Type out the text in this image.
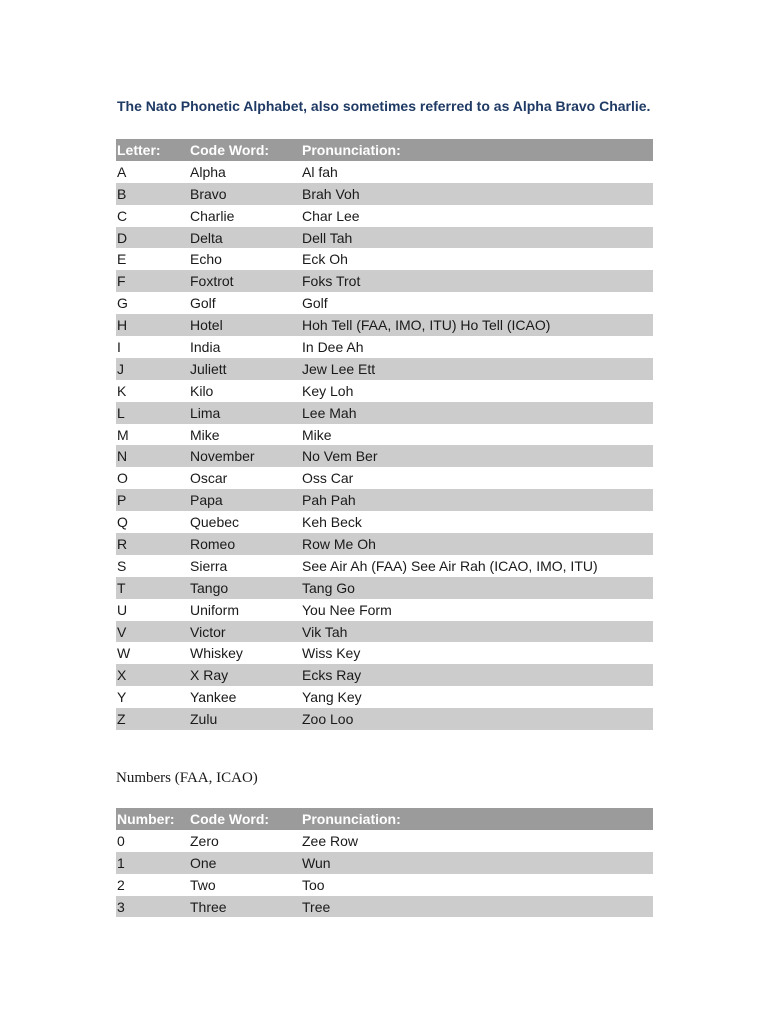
The Nato Phonetic Alphabet, also sometimes referred to as Alpha Bravo Charlie.
Letter:	Code Word:	Pronunciation:
A	Alpha	Al fah
B	Bravo	Brah Voh
C	Charlie	Char Lee
D	Delta	Dell Tah
E	Echo	Eck Oh
F	Foxtrot	Foks Trot
G	Golf	Golf
H	Hotel	Hoh Tell (FAA, IMO, ITU) Ho Tell (ICAO)
I	India	In Dee Ah
J	Juliett	Jew Lee Ett
K	Kilo	Key Loh
L	Lima	Lee Mah
M	Mike	Mike
N	November	No Vem Ber
O	Oscar	Oss Car
P	Papa	Pah Pah
Q	Quebec	Keh Beck
R	Romeo	Row Me Oh
S	Sierra	See Air Ah (FAA) See Air Rah (ICAO, IMO, ITU)
T	Tango	Tang Go
U	Uniform	You Nee Form
V	Victor	Vik Tah
W	Whiskey	Wiss Key
X	X Ray	Ecks Ray
Y	Yankee	Yang Key
Z	Zulu	Zoo Loo
Numbers (FAA, ICAO)
Number:	Code Word:	Pronunciation:
0	Zero	Zee Row
1	One	Wun
2	Two	Too
3	Three	Tree
